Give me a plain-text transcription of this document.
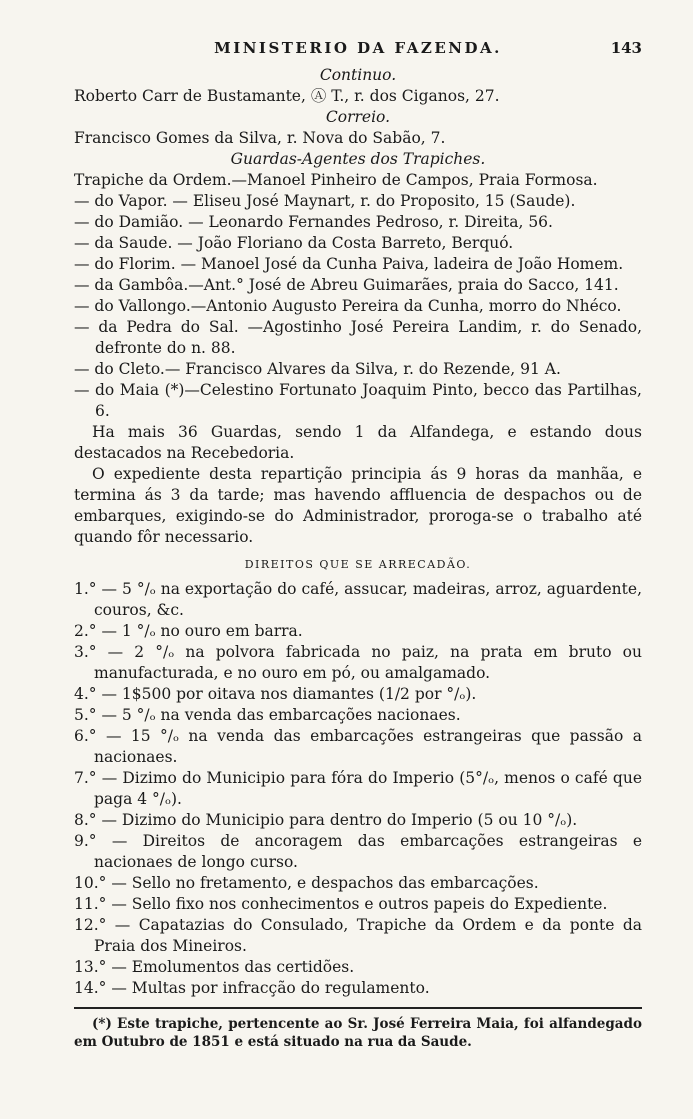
MINISTERIO DA FAZENDA.	143

Continuo.

Roberto Carr de Bustamante, Ⓐ T., r. dos Ciganos, 27.

Correio.

Francisco Gomes da Silva, r. Nova do Sabão, 7.

Guardas-Agentes dos Trapiches.

Trapiche da Ordem.—Manoel Pinheiro de Campos, Praia Formosa.

— do Vapor. — Eliseu José Maynart, r. do Proposito, 15 (Saude).

— do Damião. — Leonardo Fernandes Pedroso, r. Direita, 56.

— da Saude. — João Floriano da Costa Barreto, Berquó.

— do Florim. — Manoel José da Cunha Paiva, ladeira de João Homem.

— da Gambôa.—Ant.° José de Abreu Guimarães, praia do Sacco, 141.

— do Vallongo.—Antonio Augusto Pereira da Cunha, morro do Nhéco.

— da Pedra do Sal. —Agostinho José Pereira Landim, r. do Senado, defronte do n. 88.

— do Cleto.— Francisco Alvares da Silva, r. do Rezende, 91 A.

— do Maia (*)—Celestino Fortunato Joaquim Pinto, becco das Partilhas, 6.

Ha mais 36 Guardas, sendo 1 da Alfandega, e estando dous destacados na Recebedoria.

O expediente desta repartição principia ás 9 horas da manhãa, e termina ás 3 da tarde; mas havendo affluencia de despachos ou de embarques, exigindo-se do Administrador, proroga-se o trabalho até quando fôr necessario.

DIREITOS QUE SE ARRECADÃO.

1.° — 5 °/ₒ na exportação do café, assucar, madeiras, arroz, aguardente, couros, &c.

2.° — 1 °/ₒ no ouro em barra.

3.° — 2 °/ₒ na polvora fabricada no paiz, na prata em bruto ou manufacturada, e no ouro em pó, ou amalgamado.

4.° — 1$500 por oitava nos diamantes (1/2 por °/ₒ).

5.° — 5 °/ₒ na venda das embarcações nacionaes.

6.° — 15 °/ₒ na venda das embarcações estrangeiras que passão a nacionaes.

7.° — Dizimo do Municipio para fóra do Imperio (5°/ₒ, menos o café que paga 4 °/ₒ).

8.° — Dizimo do Municipio para dentro do Imperio (5 ou 10 °/ₒ).

9.° — Direitos de ancoragem das embarcações estrangeiras e nacionaes de longo curso.

10.° — Sello no fretamento, e despachos das embarcações.

11.° — Sello fixo nos conhecimentos e outros papeis do Expediente.

12.° — Capatazias do Consulado, Trapiche da Ordem e da ponte da Praia dos Mineiros.

13.° — Emolumentos das certidões.

14.° — Multas por infracção do regulamento.

(*) Este trapiche, pertencente ao Sr. José Ferreira Maia, foi alfandegado em Outubro de 1851 e está situado na rua da Saude.
